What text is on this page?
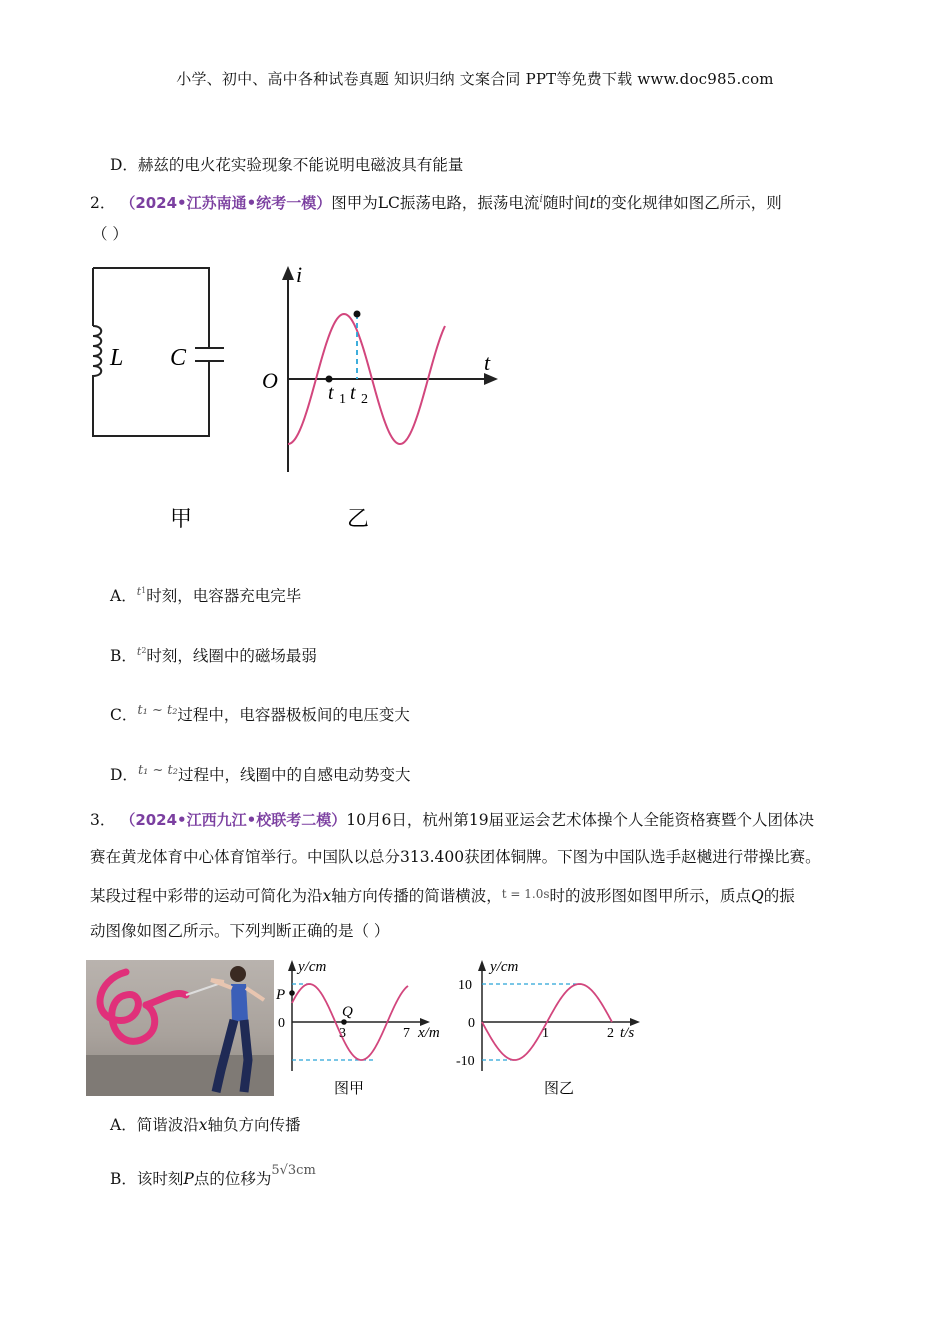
小学、初中、高中各种试卷真题 知识归纳 文案合同 PPT等免费下载 www.doc985.com
D．赫兹的电火花实验现象不能说明电磁波具有能量
2． （2024•江苏南通•统考一模）图甲为LC振荡电路，振荡电流$^i$随时间t的变化规律如图乙所示，则
（ ）
L C
甲
i
t
O	t 1 t 2
乙
A．$^{t1}$时刻，电容器充电完毕
B．$^{t2}$时刻，线圈中的磁场最弱
C．$^{t_1 \sim t_2}$过程中，电容器极板间的电压变大
D．$^{t_1 \sim t_2}$过程中，线圈中的自感电动势变大
3． （2024•江西九江•校联考二模）10月6日，杭州第19届亚运会艺术体操个人全能资格赛暨个人团体决
赛在黄龙体育中心体育馆举行。中国队以总分313.400获团体铜牌。下图为中国队选手赵樾进行带操比赛。
某段过程中彩带的运动可简化为沿x轴方向传播的简谐横波，t = 1.0s时的波形图如图甲所示，质点Q的振
动图像如图乙所示。下列判断正确的是（ ）
y/cm
P
Q
0
3	7 x/m
图甲
y/cm
10
0
-10
1	2 t/s
图乙
A．简谐波沿x轴负方向传播
B．该时刻P点的位移为$^{5√3cm}$
